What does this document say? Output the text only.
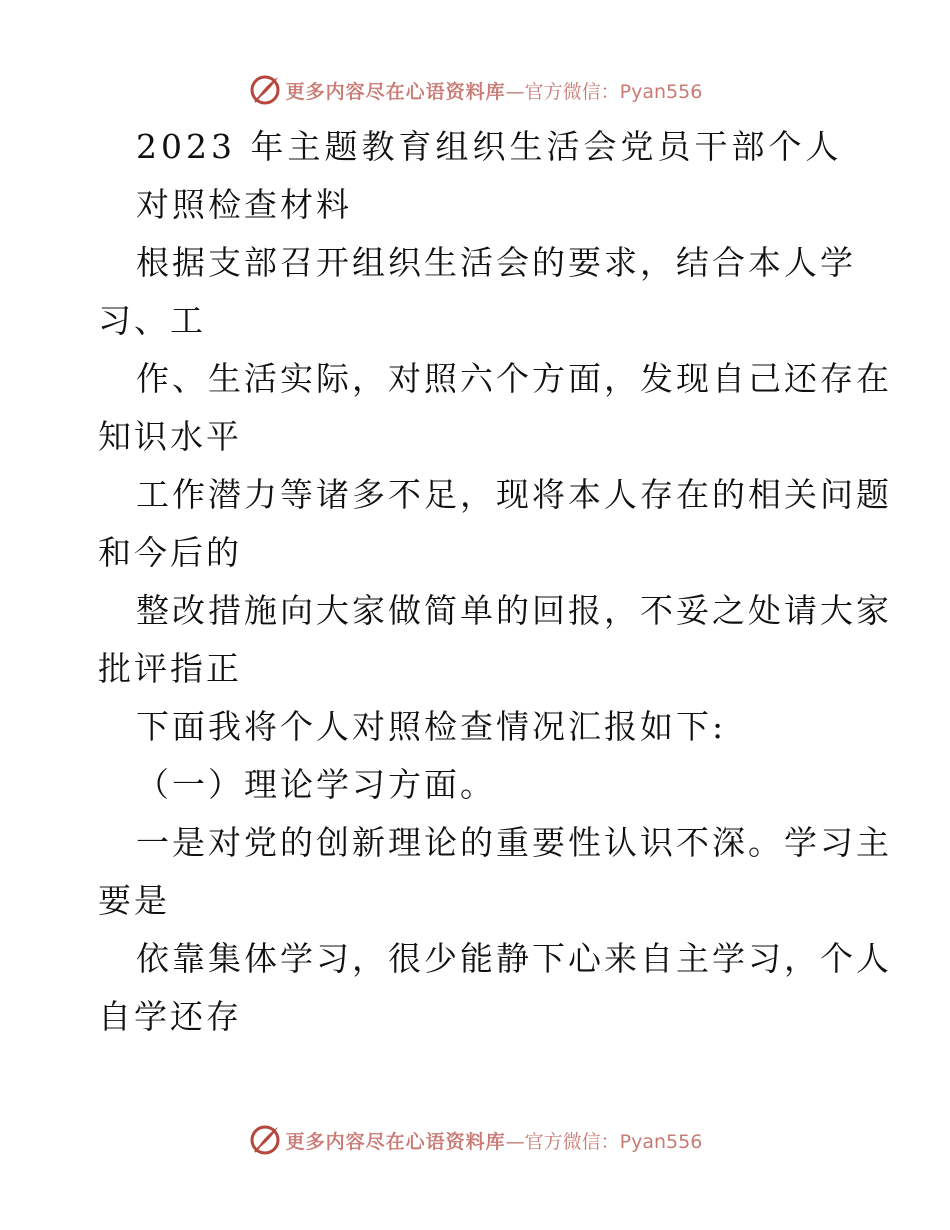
更多内容尽在心语资料库 —官方微信：Pyan556
2023 年主题教育组织生活会党员干部个人
对照检查材料
根据支部召开组织生活会的要求，结合本人学
习、工
作、生活实际，对照六个方面，发现自己还存在
知识水平
工作潜力等诸多不足，现将本人存在的相关问题
和今后的
整改措施向大家做简单的回报，不妥之处请大家
批评指正
下面我将个人对照检查情况汇报如下:
（一）理论学习方面。
一是对党的创新理论的重要性认识不深。学习主
要是
依靠集体学习，很少能静下心来自主学习，个人
自学还存
更多内容尽在心语资料库 —官方微信：Pyan556
